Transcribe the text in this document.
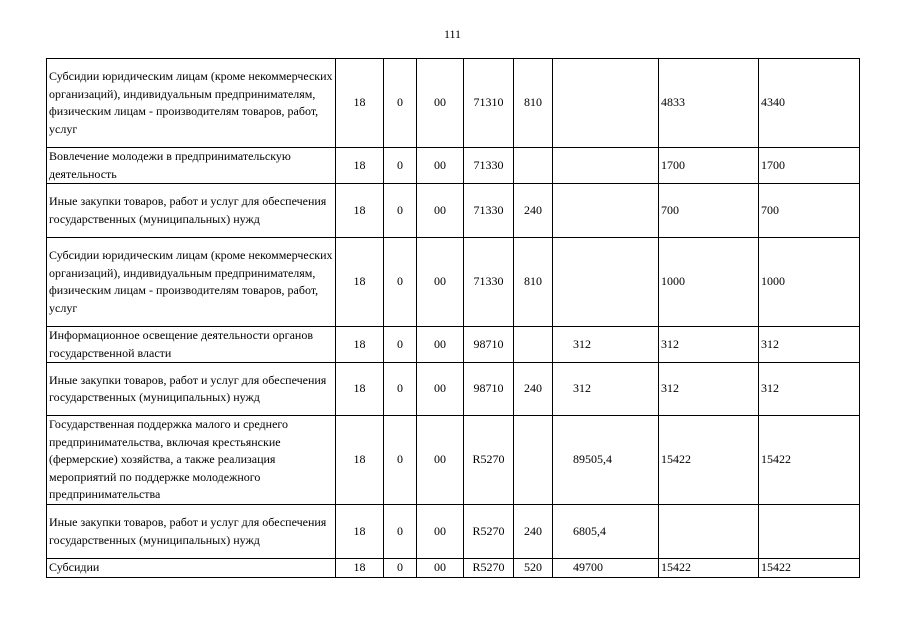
111
Субсидии юридическим лицам (кроме некоммерческих организаций), индивидуальным предпринимателям, физическим лицам - производителям товаров, работ, услуг	18	0	00	71310	810		4833	4340
Вовлечение молодежи в предпринимательскую деятельность	18	0	00	71330			1700	1700
Иные закупки товаров, работ и услуг для обеспечения государственных (муниципальных) нужд	18	0	00	71330	240		700	700
Субсидии юридическим лицам (кроме некоммерческих организаций), индивидуальным предпринимателям, физическим лицам - производителям товаров, работ, услуг	18	0	00	71330	810		1000	1000
Информационное освещение деятельности органов государственной власти	18	0	00	98710		312	312	312
Иные закупки товаров, работ и услуг для обеспечения государственных (муниципальных) нужд	18	0	00	98710	240	312	312	312
Государственная поддержка малого и среднего предпринимательства, включая крестьянские (фермерские) хозяйства, а также реализация мероприятий по поддержке молодежного предпринимательства	18	0	00	R5270		89505,4	15422	15422
Иные закупки товаров, работ и услуг для обеспечения государственных (муниципальных) нужд	18	0	00	R5270	240	6805,4		
Субсидии	18	0	00	R5270	520	49700	15422	15422
